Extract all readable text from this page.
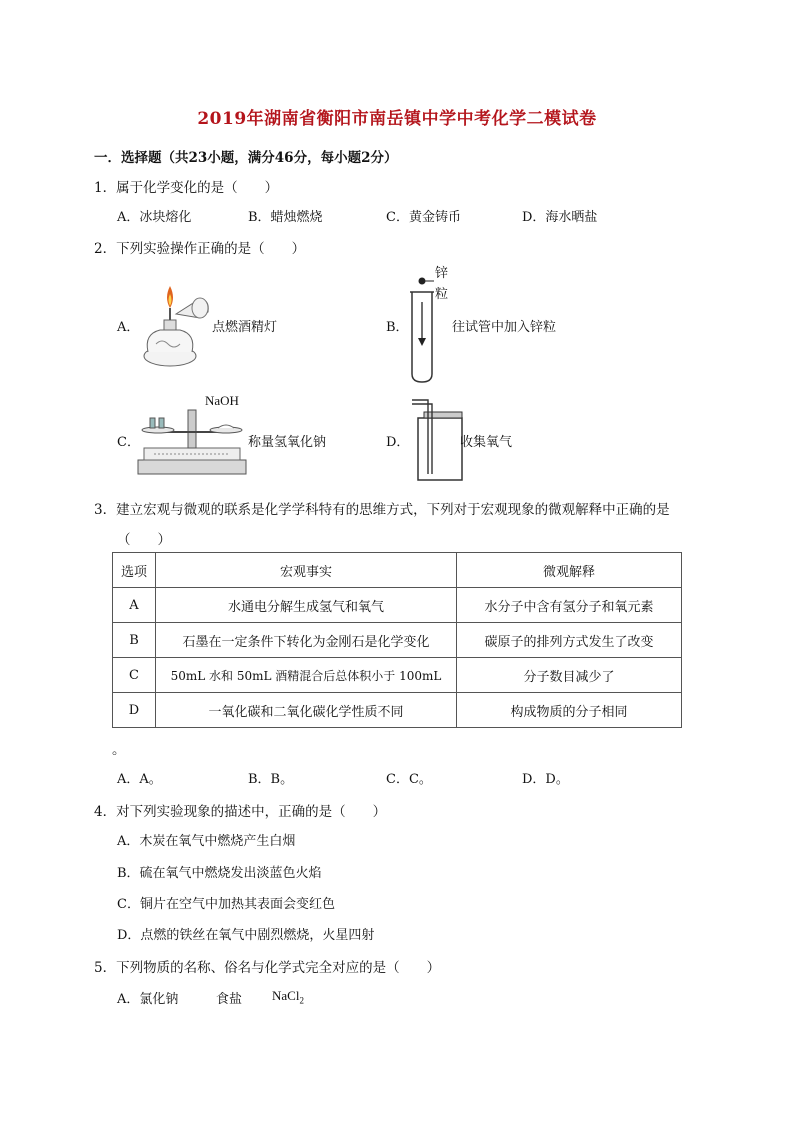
2019年湖南省衡阳市南岳镇中学中考化学二模试卷
一．选择题（共23小题，满分46分，每小题2分）
1．属于化学变化的是（　　）
A．冰块熔化	B．蜡烛燃烧	C．黄金铸币	D．海水晒盐
2．下列实验操作正确的是（　　）
A．	点燃酒精灯	B．
锌
粒
往试管中加入锌粒
C．
NaOH
称量氢氧化钠	D．	收集氧气
3．建立宏观与微观的联系是化学学科特有的思维方式，下列对于宏观现象的微观解释中正确的是
（　　）
选项	宏观事实	微观解释
A	水通电分解生成氢气和氧气	水分子中含有氢分子和氧元素
B	石墨在一定条件下转化为金刚石是化学变化	碳原子的排列方式发生了改变
C	50mL 水和 50mL 酒精混合后总体积小于 100mL	分子数目减少了
D	一氧化碳和二氧化碳化学性质不同	构成物质的分子相同
。
A．A。	B．B。	C．C。	D．D。
4．对下列实验现象的描述中，正确的是（　　）
A．木炭在氧气中燃烧产生白烟
B．硫在氧气中燃烧发出淡蓝色火焰
C．铜片在空气中加热其表面会变红色
D．点燃的铁丝在氧气中剧烈燃烧，火星四射
5．下列物质的名称、俗名与化学式完全对应的是（　　）
A．氯化钠	食盐 NaCl$_2$
